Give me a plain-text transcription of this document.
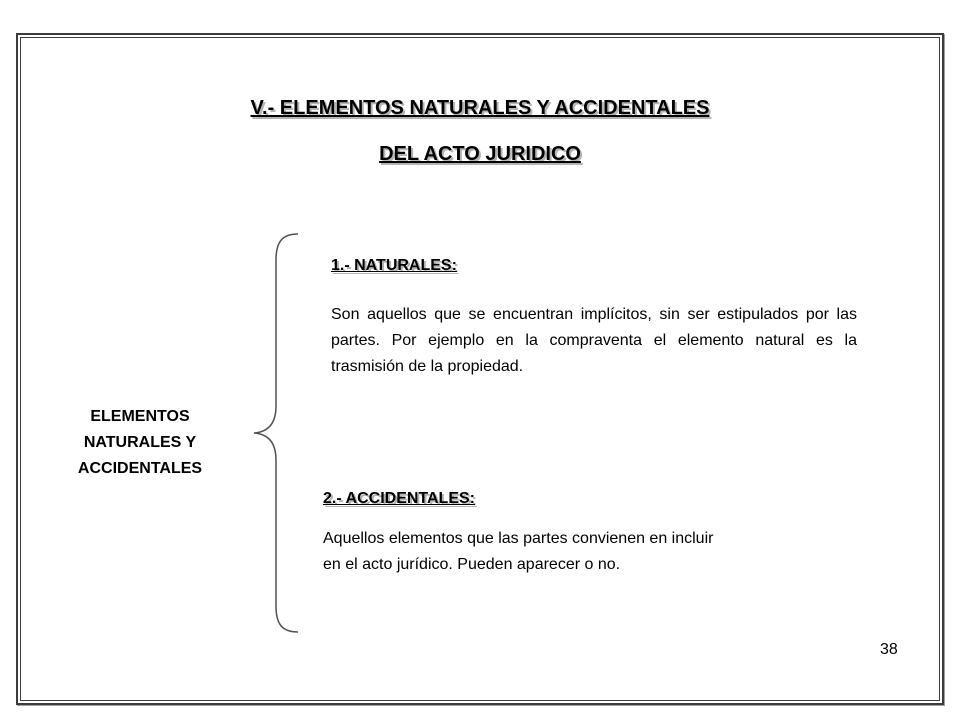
V.- ELEMENTOS NATURALES Y ACCIDENTALES
DEL ACTO JURIDICO
ELEMENTOS
NATURALES Y
ACCIDENTALES
1.- NATURALES:

Son aquellos que se encuentran implícitos, sin ser estipulados por las partes. Por ejemplo en la compraventa el elemento natural es la trasmisión de la propiedad.

2.- ACCIDENTALES:
Aquellos elementos que las partes convienen en incluir
en el acto jurídico. Pueden aparecer o no.
38
